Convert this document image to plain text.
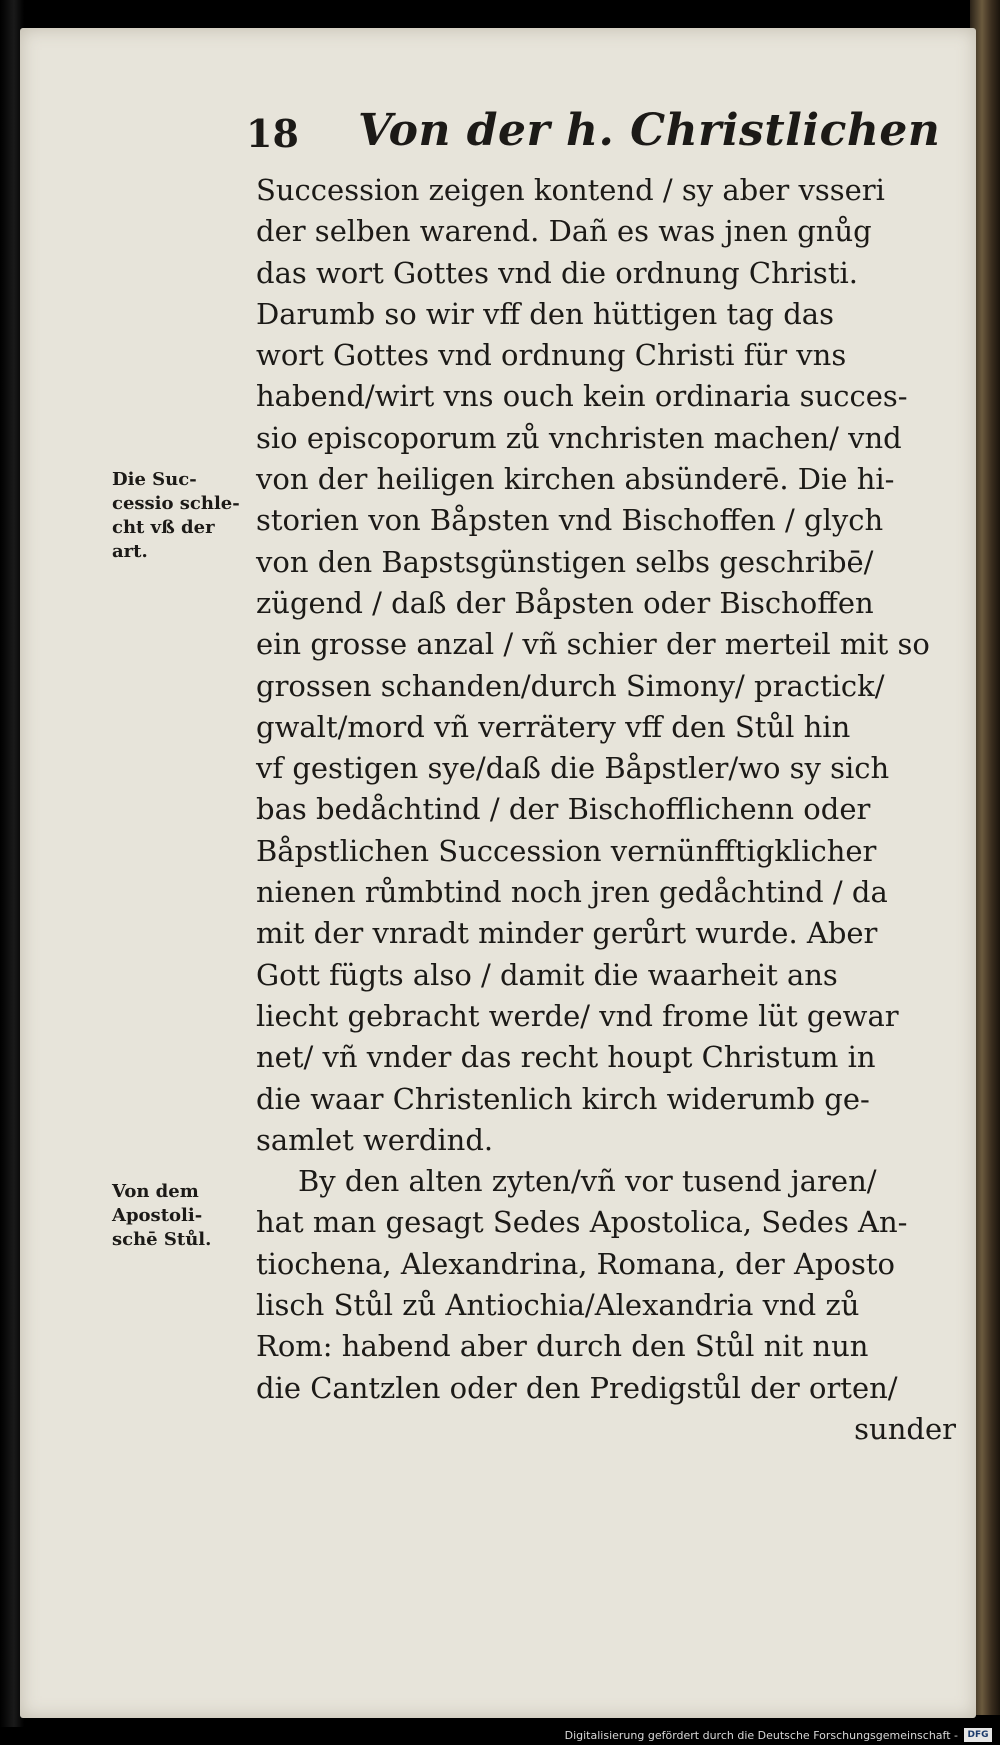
18 Von der h. Christlichen
Succession zeigen kontend / sy aber vsseri
der selben warend. Dañ es was jnen gnůg
das wort Gottes vnd die ordnung Christi.
Darumb so wir vff den hüttigen tag das
wort Gottes vnd ordnung Christi für vns
habend/wirt vns ouch kein ordinaria succes-
sio episcoporum zů vnchristen machen/ vnd
von der heiligen kirchen absünderē. Die hi-
storien von Båpsten vnd Bischoffen / glych
von den Bapstsgünstigen selbs geschribē/
zügend / daß der Båpsten oder Bischoffen
ein grosse anzal / vñ schier der merteil mit so
grossen schanden/durch Simony/ practick/
gwalt/mord vñ verrätery vff den Stůl hin
vf gestigen sye/daß die Båpstler/wo sy sich
bas bedåchtind / der Bischofflichenn oder
Båpstlichen Succession vernünfftigklicher
nienen růmbtind noch jren gedåchtind / da
mit der vnradt minder gerůrt wurde. Aber
Gott fügts also / damit die waarheit ans
liecht gebracht werde/ vnd frome lüt gewar
net/ vñ vnder das recht houpt Christum in
die waar Christenlich kirch widerumb ge-
samlet werdind.
By den alten zyten/vñ vor tusend jaren/
hat man gesagt Sedes Apostolica, Sedes An-
tiochena, Alexandrina, Romana, der Aposto
lisch Stůl zů Antiochia/Alexandria vnd zů
Rom: habend aber durch den Stůl nit nun
die Cantzlen oder den Predigstůl der orten/
sunder
Die Suc-
cessio schle-
cht vß der
art.
Von dem
Apostoli-
schē Stůl.
Digitalisierung gefördert durch die Deutsche Forschungsgemeinschaft -	DFG
